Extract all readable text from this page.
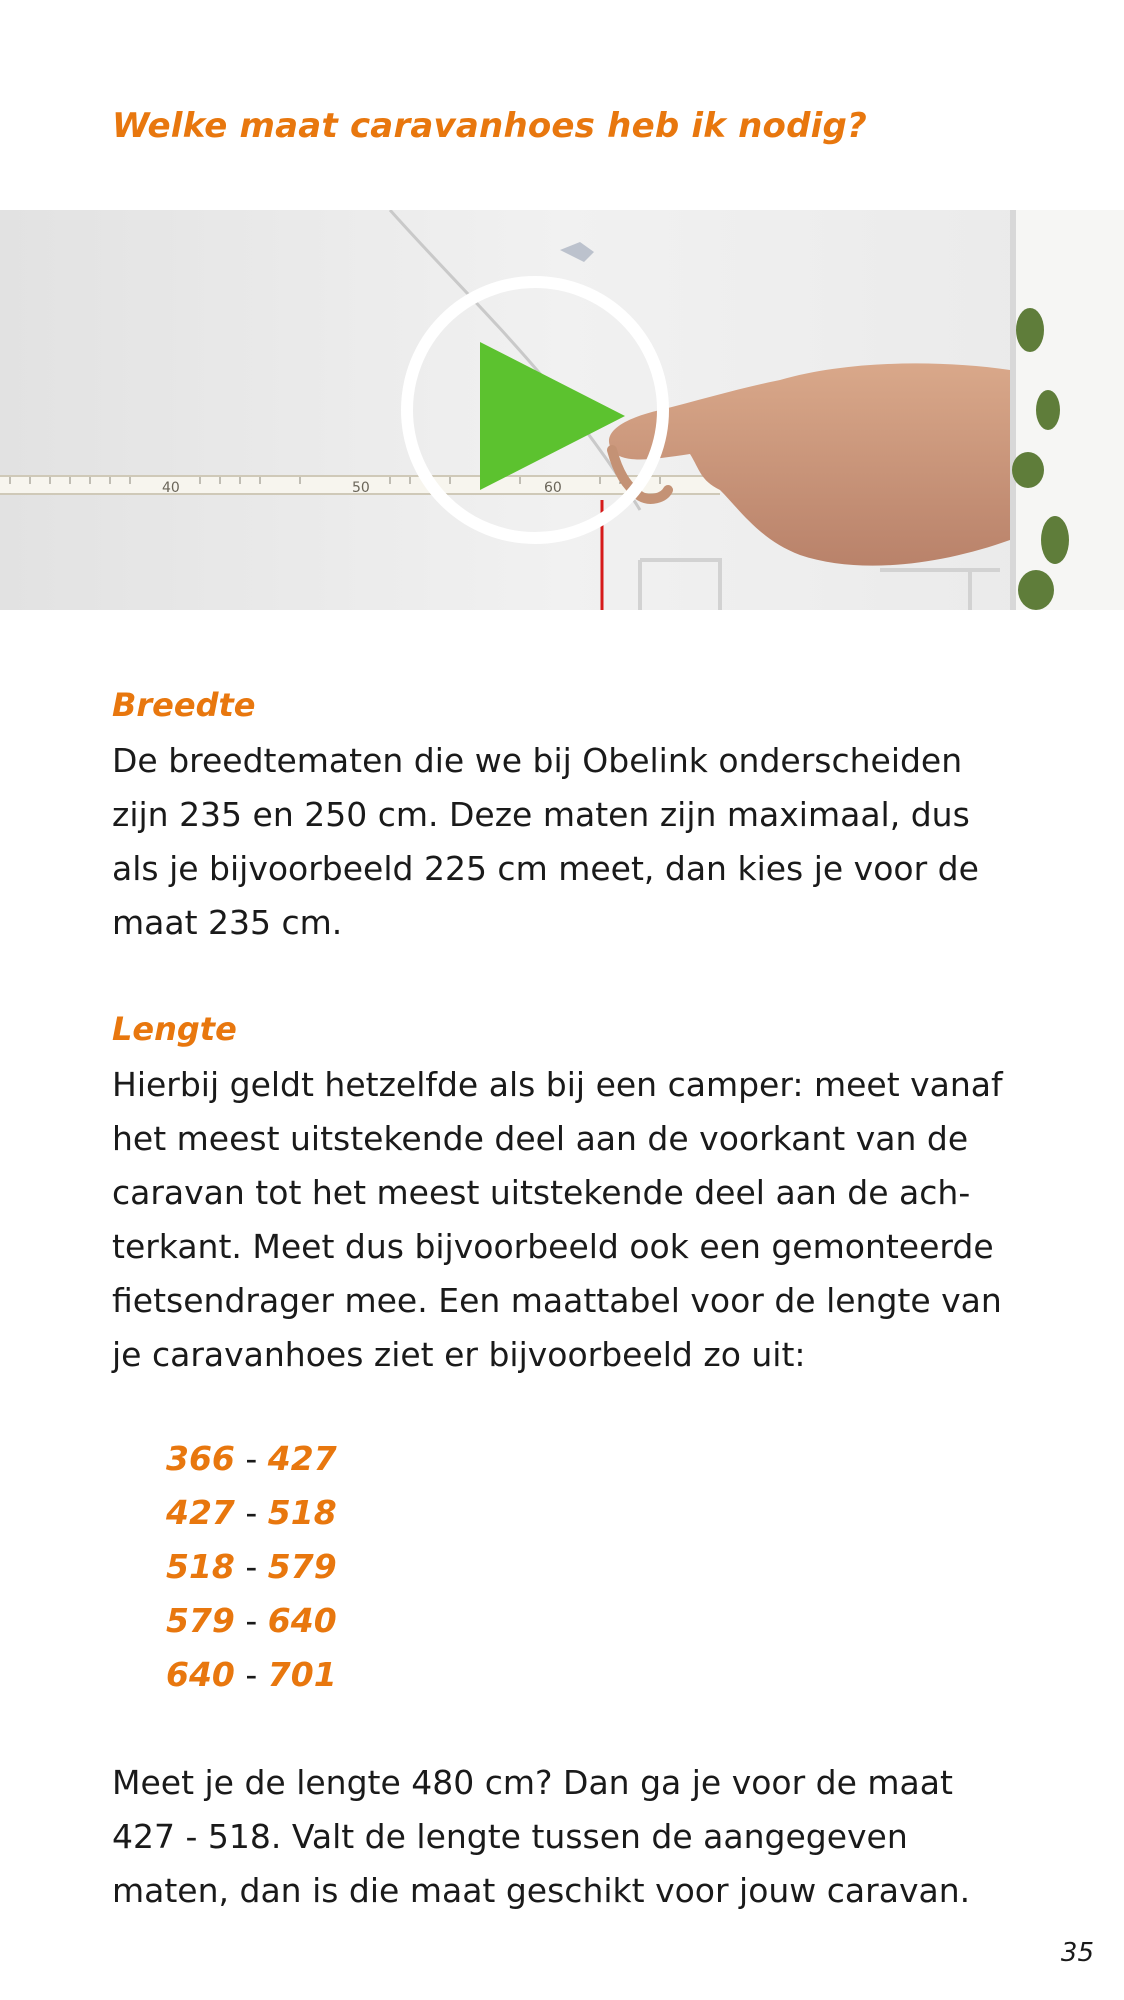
Welke maat caravanhoes heb ik nodig?
40	50	60
Breedte

De breedtematen die we bij Obelink onderscheiden zijn 235 en 250 cm. Deze maten zijn maximaal, dus als je bijvoorbeeld 225 cm meet, dan kies je voor de maat 235 cm.

Lengte

Hierbij geldt hetzelfde als bij een camper: meet vanaf het meest uitstekende deel aan de voorkant van de caravan tot het meest uitstekende deel aan de ach-terkant. Meet dus bijvoorbeeld ook een gemonteerde fietsendrager mee. Een maattabel voor de lengte van je caravanhoes ziet er bijvoorbeeld zo uit:

366 - 427
427 - 518
518 - 579
579 - 640
640 - 701

Meet je de lengte 480 cm? Dan ga je voor de maat 427 - 518. Valt de lengte tussen de aangegeven maten, dan is die maat geschikt voor jouw caravan.

35
